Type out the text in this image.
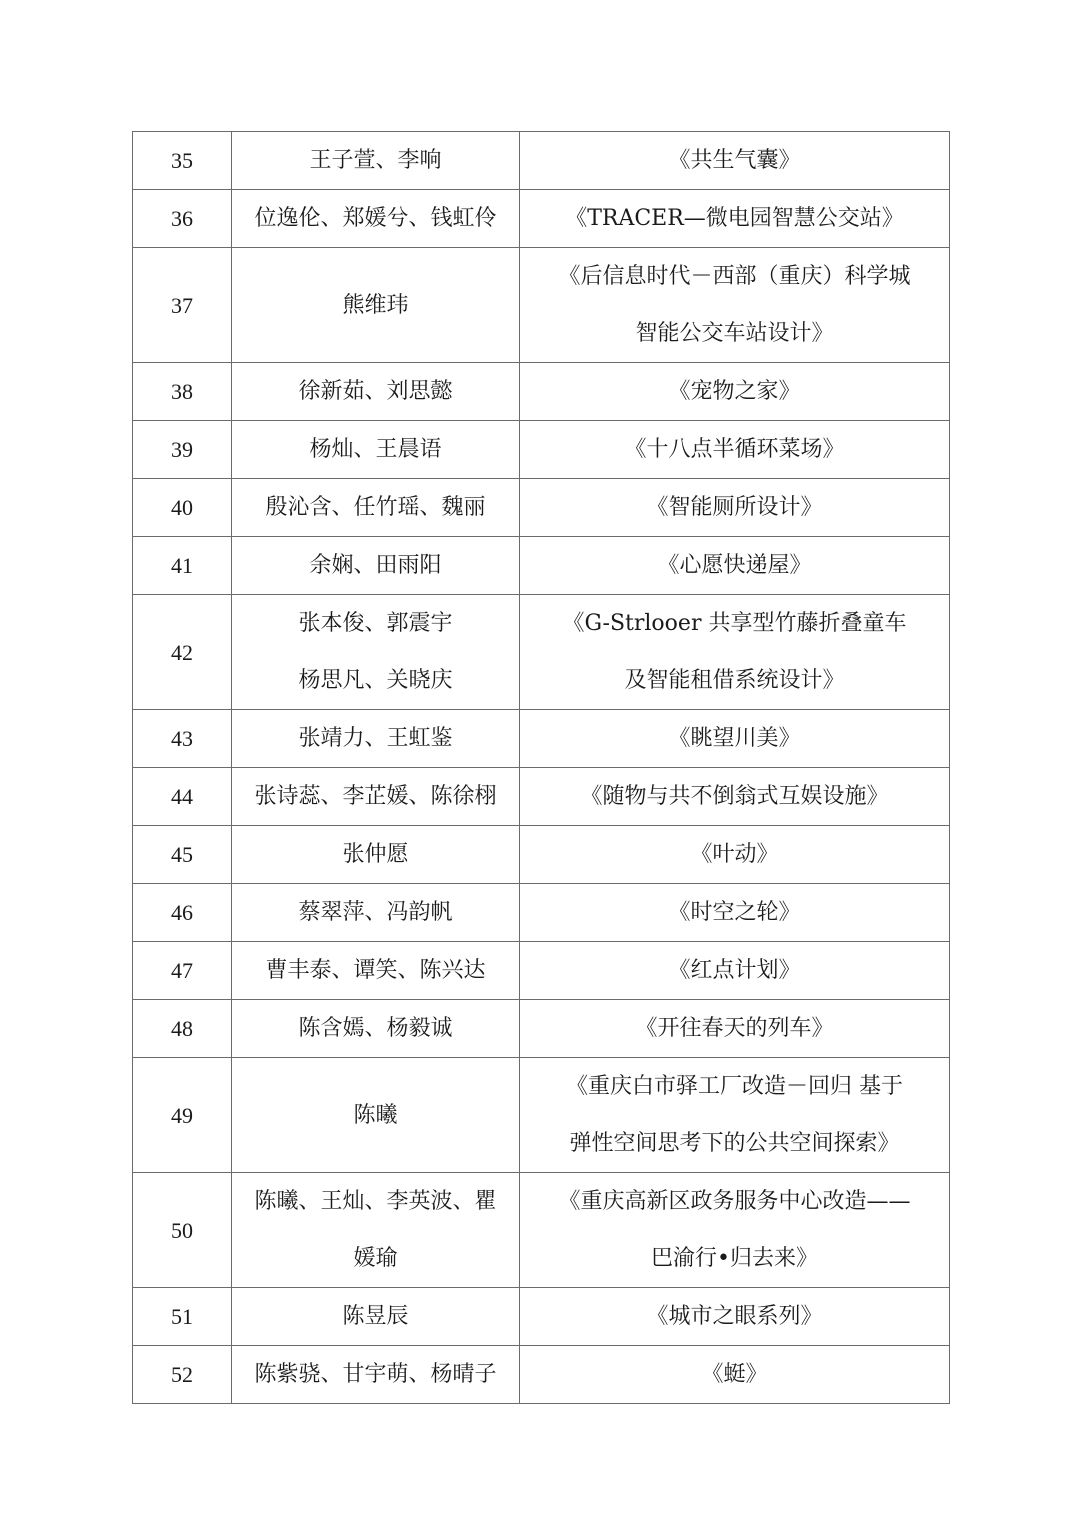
35	王子萱、李响	《共生气囊》

36	位逸伦、郑媛兮、钱虹伶	《TRACER—微电园智慧公交站》

37	熊维玮	《后信息时代－西部（重庆）科学城
智能公交车站设计》

38	徐新茹、刘思懿	《宠物之家》

39	杨灿、王晨语	《十八点半循环菜场》

40	殷沁含、任竹瑶、魏丽	《智能厕所设计》

41	余娴、田雨阳	《心愿快递屋》

42	张本俊、郭震宇
杨思凡、关晓庆	《G-Strlooer 共享型竹藤折叠童车
及智能租借系统设计》

43	张靖力、王虹鉴	《眺望川美》

44	张诗蕊、李芷媛、陈徐栩	《随物与共不倒翁式互娱设施》

45	张仲愿	《叶动》

46	蔡翠萍、冯韵帆	《时空之轮》

47	曹丰泰、谭笑、陈兴达	《红点计划》

48	陈含嫣、杨毅诚	《开往春天的列车》

49	陈曦	《重庆白市驿工厂改造－回归 基于
弹性空间思考下的公共空间探索》

50	陈曦、王灿、李英波、瞿
媛瑜	《重庆高新区政务服务中心改造——
巴渝行•归去来》

51	陈昱辰	《城市之眼系列》

52	陈紫骁、甘宇萌、杨晴子	《蜓》
